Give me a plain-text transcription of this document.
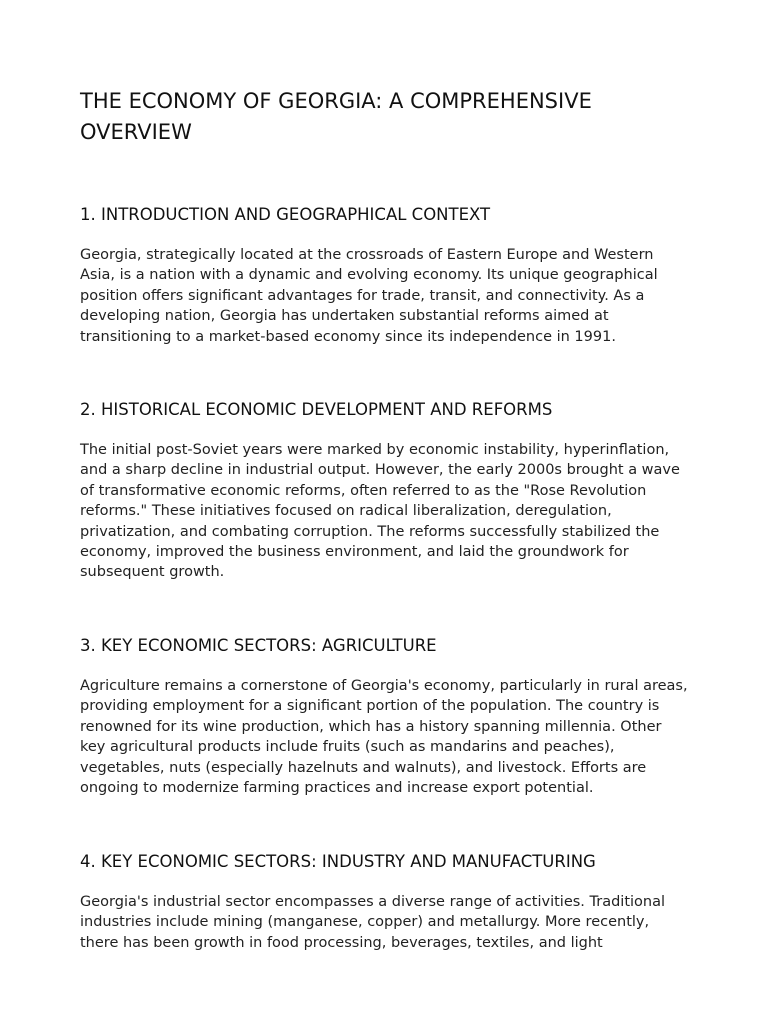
THE ECONOMY OF GEORGIA: A COMPREHENSIVE
OVERVIEW
1. INTRODUCTION AND GEOGRAPHICAL CONTEXT

Georgia, strategically located at the crossroads of Eastern Europe and Western
Asia, is a nation with a dynamic and evolving economy. Its unique geographical
position offers significant advantages for trade, transit, and connectivity. As a
developing nation, Georgia has undertaken substantial reforms aimed at
transitioning to a market-based economy since its independence in 1991.

2. HISTORICAL ECONOMIC DEVELOPMENT AND REFORMS

The initial post-Soviet years were marked by economic instability, hyperinflation,
and a sharp decline in industrial output. However, the early 2000s brought a wave
of transformative economic reforms, often referred to as the "Rose Revolution
reforms." These initiatives focused on radical liberalization, deregulation,
privatization, and combating corruption. The reforms successfully stabilized the
economy, improved the business environment, and laid the groundwork for
subsequent growth.

3. KEY ECONOMIC SECTORS: AGRICULTURE

Agriculture remains a cornerstone of Georgia's economy, particularly in rural areas,
providing employment for a significant portion of the population. The country is
renowned for its wine production, which has a history spanning millennia. Other
key agricultural products include fruits (such as mandarins and peaches),
vegetables, nuts (especially hazelnuts and walnuts), and livestock. Efforts are
ongoing to modernize farming practices and increase export potential.

4. KEY ECONOMIC SECTORS: INDUSTRY AND MANUFACTURING

Georgia's industrial sector encompasses a diverse range of activities. Traditional
industries include mining (manganese, copper) and metallurgy. More recently,
there has been growth in food processing, beverages, textiles, and light
